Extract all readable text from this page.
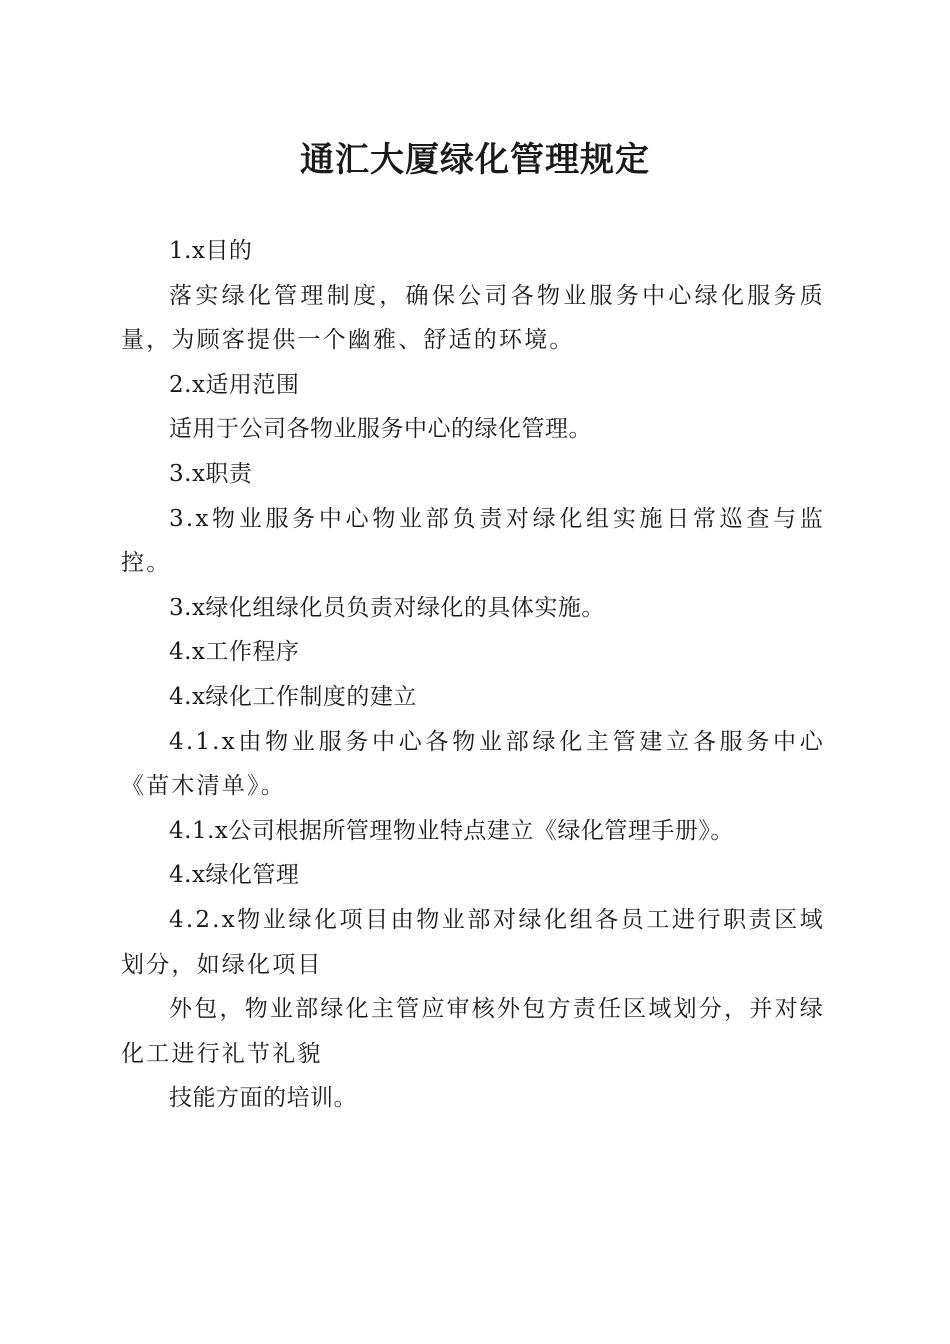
通汇大厦绿化管理规定

1.x目的

落实绿化管理制度，确保公司各物业服务中心绿化服务质量，为顾客提供一个幽雅、舒适的环境。

2.x适用范围

适用于公司各物业服务中心的绿化管理。

3.x职责

3.x物业服务中心物业部负责对绿化组实施日常巡查与监控。

3.x绿化组绿化员负责对绿化的具体实施。

4.x工作程序

4.x绿化工作制度的建立

4.1.x由物业服务中心各物业部绿化主管建立各服务中心《苗木清单》。

4.1.x公司根据所管理物业特点建立《绿化管理手册》。

4.x绿化管理

4.2.x物业绿化项目由物业部对绿化组各员工进行职责区域划分，如绿化项目

外包，物业部绿化主管应审核外包方责任区域划分，并对绿化工进行礼节礼貌

技能方面的培训。
